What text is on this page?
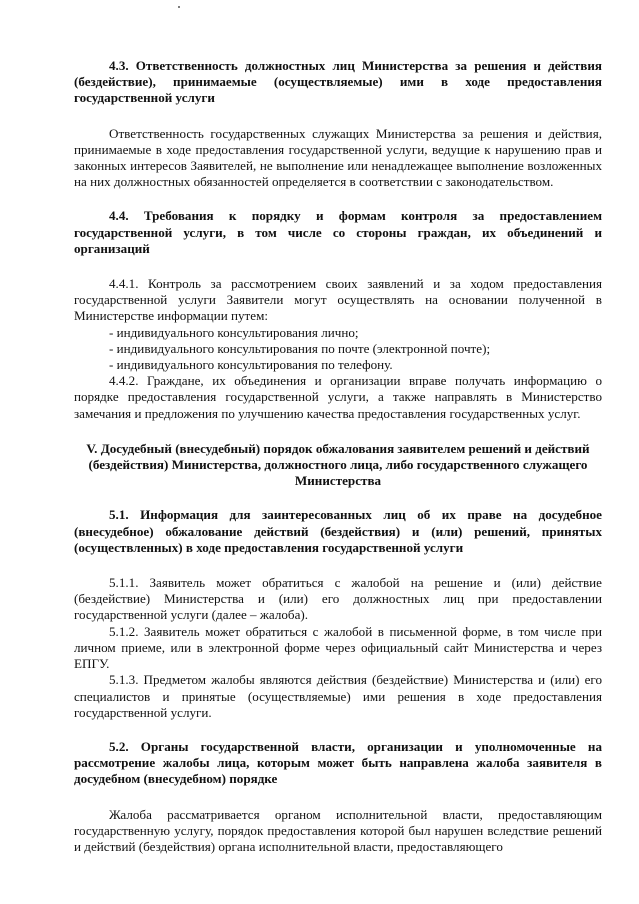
4.3. Ответственность должностных лиц Министерства за решения и действия (бездействие), принимаемые (осуществляемые) ими в ходе предоставления государственной услуги

Ответственность государственных служащих Министерства за решения и действия, принимаемые в ходе предоставления государственной услуги, ведущие к нарушению прав и законных интересов Заявителей, не выполнение или ненадлежащее выполнение возложенных на них должностных обязанностей определяется в соответствии с законодательством.

4.4. Требования к порядку и формам контроля за предоставлением государственной услуги, в том числе со стороны граждан, их объединений и организаций

4.4.1. Контроль за рассмотрением своих заявлений и за ходом предоставления государственной услуги Заявители могут осуществлять на основании полученной в Министерстве информации путем:

- индивидуального консультирования лично;

- индивидуального консультирования по почте (электронной почте);

- индивидуального консультирования по телефону.

4.4.2. Граждане, их объединения и организации вправе получать информацию о порядке предоставления государственной услуги, а также направлять в Министерство замечания и предложения по улучшению качества предоставления государственных услуг.

V. Досудебный (внесудебный) порядок обжалования заявителем решений и действий (бездействия) Министерства, должностного лица, либо государственного служащего Министерства

5.1. Информация для заинтересованных лиц об их праве на досудебное (внесудебное) обжалование действий (бездействия) и (или) решений, принятых (осуществленных) в ходе предоставления государственной услуги

5.1.1. Заявитель может обратиться с жалобой на решение и (или) действие (бездействие) Министерства и (или) его должностных лиц при предоставлении государственной услуги (далее – жалоба).

5.1.2. Заявитель может обратиться с жалобой в письменной форме, в том числе при личном приеме, или в электронной форме через официальный сайт Министерства и через ЕПГУ.

5.1.3. Предметом жалобы являются действия (бездействие) Министерства и (или) его специалистов и принятые (осуществляемые) ими решения в ходе предоставления государственной услуги.

5.2. Органы государственной власти, организации и уполномоченные на рассмотрение жалобы лица, которым может быть направлена жалоба заявителя в досудебном (внесудебном) порядке

Жалоба рассматривается органом исполнительной власти, предоставляющим государственную услугу, порядок предоставления которой был нарушен вследствие решений и действий (бездействия) органа исполнительной власти, предоставляющего
